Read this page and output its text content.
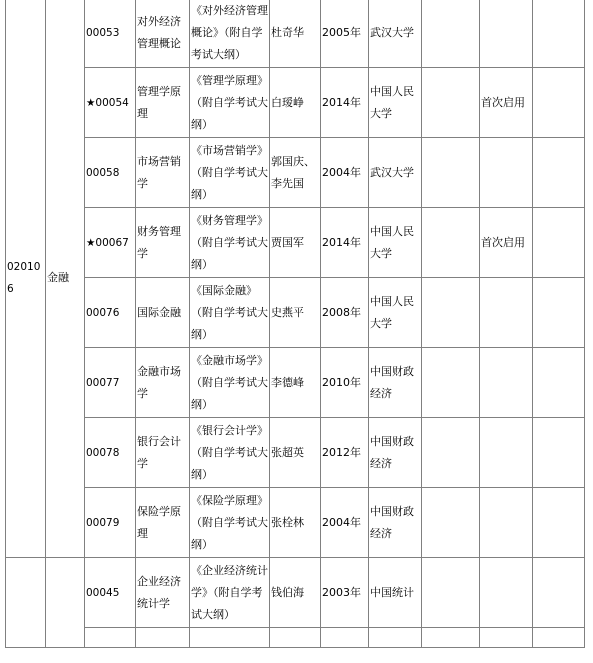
020106	金融	00053	对外经济管理概论	《对外经济管理概论》（附自学考试大纲）	杜奇华	2005年	武汉大学			
		★00054	管理学原理	《管理学原理》（附自学考试大纲）	白瑷峥	2014年	中国人民大学		首次启用	
		00058	市场营销学	《市场营销学》（附自学考试大纲）	郭国庆、李先国	2004年	武汉大学			
		★00067	财务管理学	《财务管理学》（附自学考试大纲）	贾国军	2014年	中国人民大学		首次启用	
		00076	国际金融	《国际金融》（附自学考试大纲）	史燕平	2008年	中国人民大学			
		00077	金融市场学	《金融市场学》（附自学考试大纲）	李德峰	2010年	中国财政经济			
		00078	银行会计学	《银行会计学》（附自学考试大纲）	张超英	2012年	中国财政经济			
		00079	保险学原理	《保险学原理》（附自学考试大纲）	张栓林	2004年	中国财政经济			
		00045	企业经济统计学	《企业经济统计学》（附自学考试大纲）	钱伯海	2003年	中国统计			
